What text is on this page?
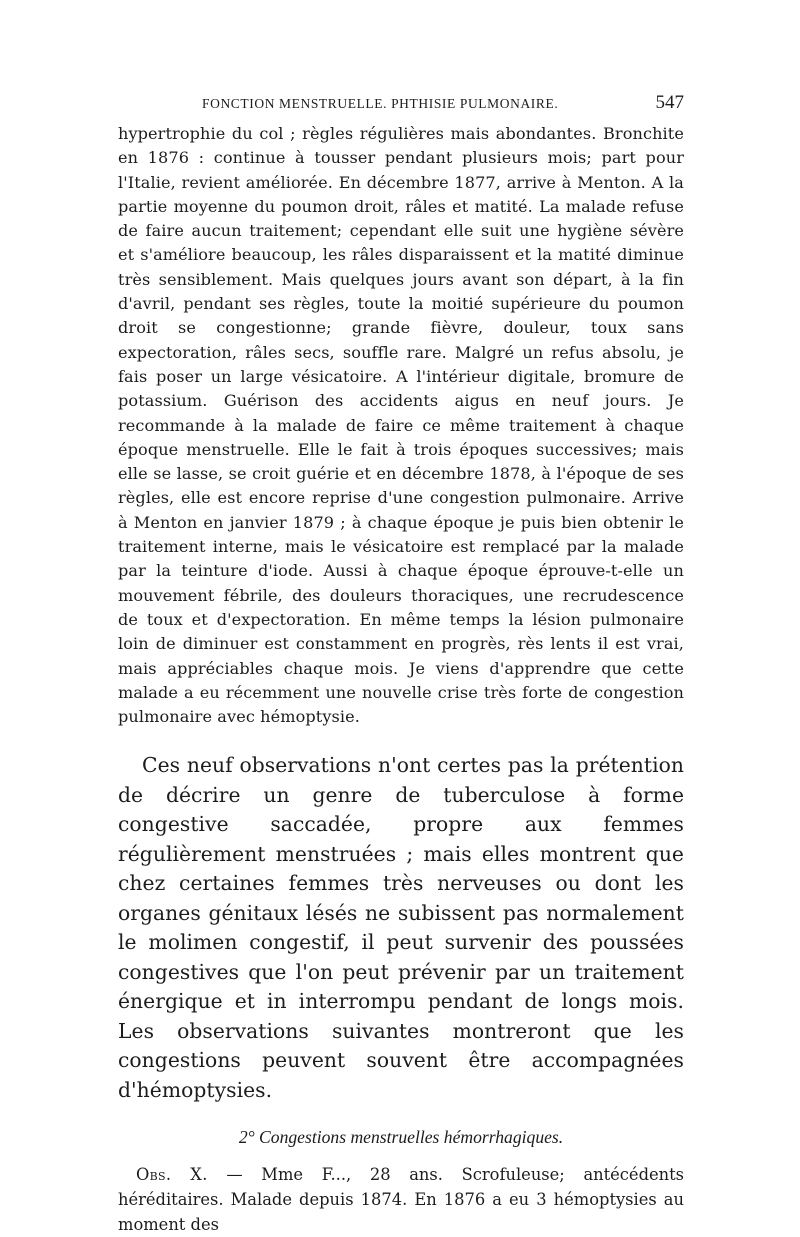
FONCTION MENSTRUELLE. PHTHISIE PULMONAIRE.	547

hypertrophie du col ; règles régulières mais abondantes. Bronchite en 1876 : continue à tousser pendant plusieurs mois; part pour l'Italie, revient améliorée. En décembre 1877, arrive à Menton. A la partie moyenne du poumon droit, râles et matité. La malade refuse de faire aucun traitement; cependant elle suit une hygiène sévère et s'améliore beaucoup, les râles disparaissent et la matité diminue très sensiblement. Mais quelques jours avant son départ, à la fin d'avril, pendant ses règles, toute la moitié supérieure du poumon droit se congestionne; grande fièvre, douleur, toux sans expectoration, râles secs, souffle rare. Malgré un refus absolu, je fais poser un large vésicatoire. A l'intérieur digitale, bromure de potassium. Guérison des accidents aigus en neuf jours. Je recommande à la malade de faire ce même traitement à chaque époque menstruelle. Elle le fait à trois époques successives; mais elle se lasse, se croit guérie et en décembre 1878, à l'époque de ses règles, elle est encore reprise d'une congestion pulmonaire. Arrive à Menton en janvier 1879 ; à chaque époque je puis bien obtenir le traitement interne, mais le vésicatoire est remplacé par la malade par la teinture d'iode. Aussi à chaque époque éprouve-t-elle un mouvement fébrile, des douleurs thoraciques, une recrudescence de toux et d'expectoration. En même temps la lésion pulmonaire loin de diminuer est constamment en progrès, rès lents il est vrai, mais appréciables chaque mois. Je viens d'apprendre que cette malade a eu récemment une nouvelle crise très forte de congestion pulmonaire avec hémoptysie.

Ces neuf observations n'ont certes pas la prétention de décrire un genre de tuberculose à forme congestive saccadée, propre aux femmes régulièrement menstruées ; mais elles montrent que chez certaines femmes très nerveuses ou dont les organes génitaux lésés ne subissent pas normalement le molimen congestif, il peut survenir des poussées congestives que l'on peut prévenir par un traitement énergique et in interrompu pendant de longs mois. Les observations suivantes montreront que les congestions peuvent souvent être accompagnées d'hémoptysies.

2° Congestions menstruelles hémorrhagiques.

Obs. X. — Mme F..., 28 ans. Scrofuleuse; antécédents héréditaires. Malade depuis 1874. En 1876 a eu 3 hémoptysies au moment des
